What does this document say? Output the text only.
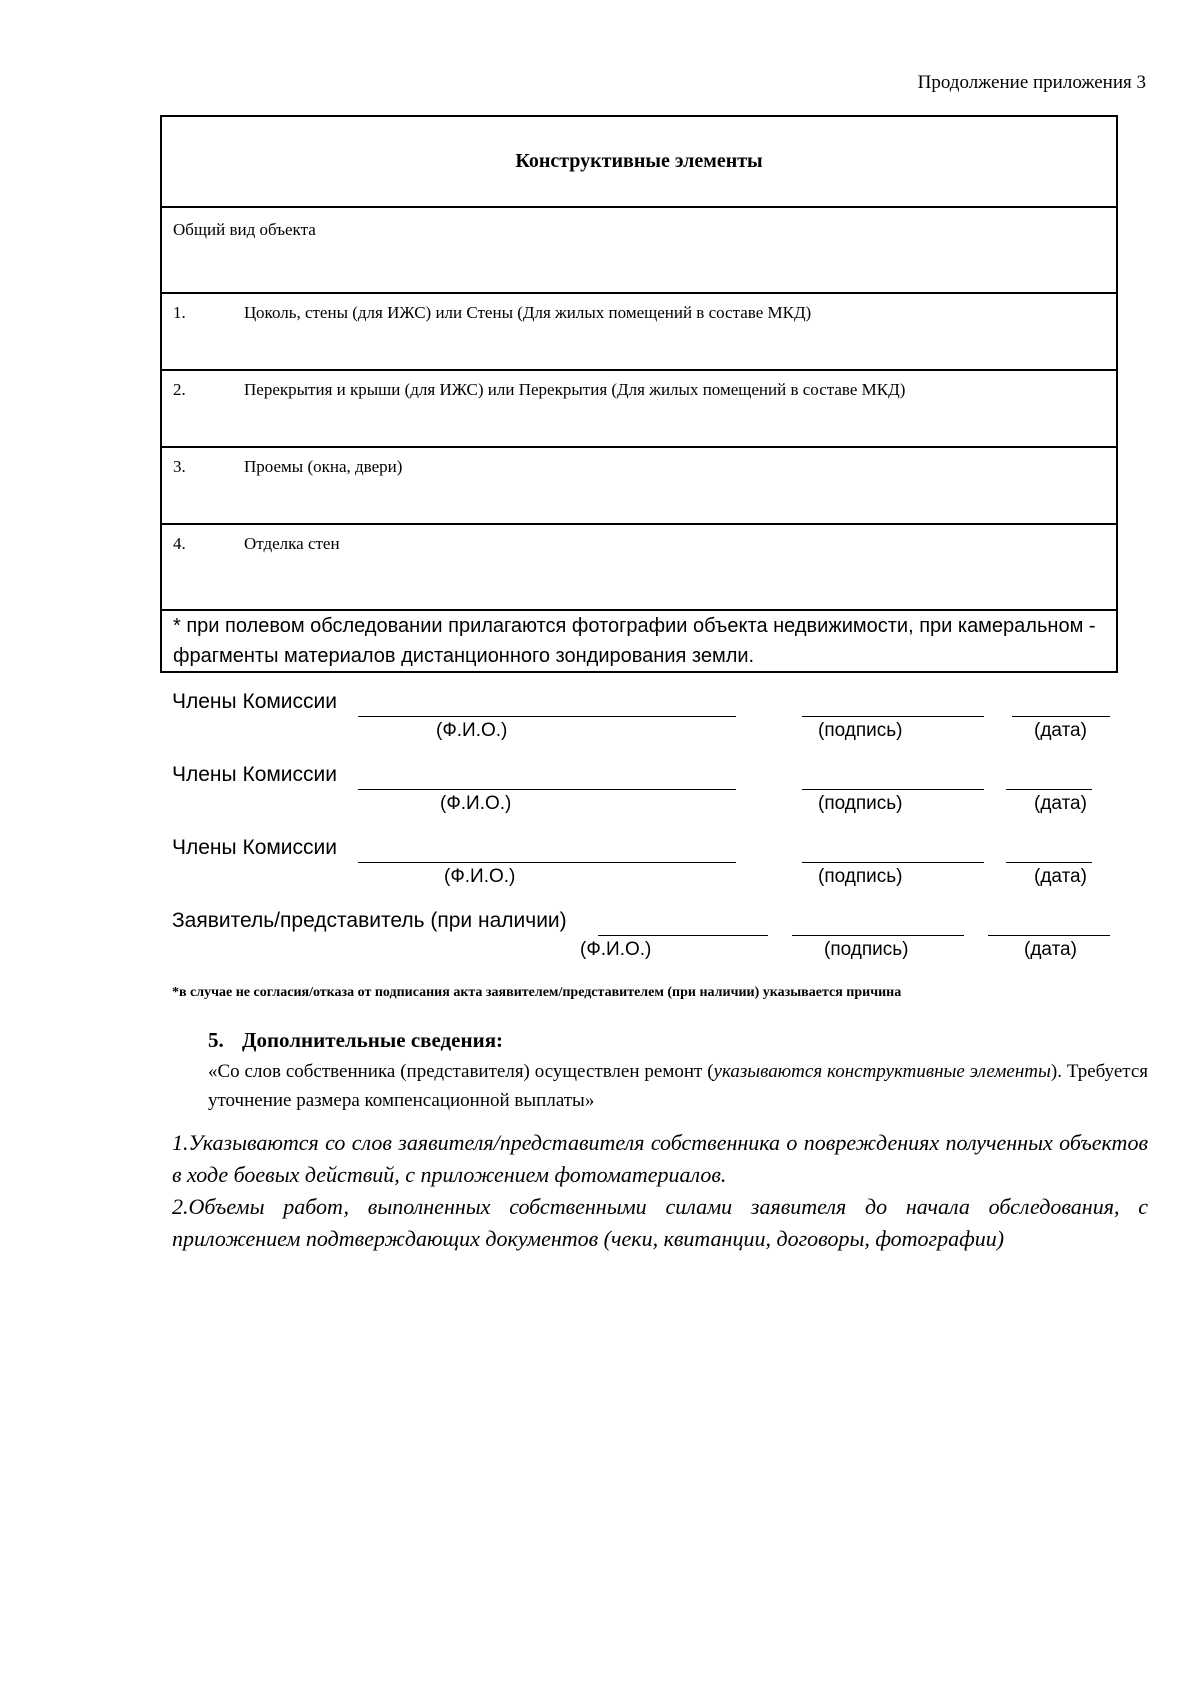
Продолжение приложения 3
Конструктивные элементы
Общий вид объекта
1.	Цоколь, стены (для ИЖС) или Стены (Для жилых помещений в составе МКД)
2.	Перекрытия и крыши (для ИЖС) или Перекрытия (Для жилых помещений в составе МКД)
3.	Проемы (окна, двери)
4.	Отделка стен
* при полевом обследовании прилагаются фотографии объекта недвижимости, при камеральном - фрагменты материалов дистанционного зондирования земли.
Члены Комиссии
(Ф.И.О.)	(подпись)	(дата)
Члены Комиссии
(Ф.И.О.)	(подпись)	(дата)
Члены Комиссии
(Ф.И.О.)	(подпись)	(дата)
Заявитель/представитель (при наличии)
(Ф.И.О.)	(подпись)	(дата)
*в случае не согласия/отказа от подписания акта заявителем/представителем (при наличии) указывается причина
5. Дополнительные сведения:
«Со слов собственника (представителя) осуществлен ремонт (указываются конструктивные элементы). Требуется уточнение размера компенсационной выплаты»
1.Указываются со слов заявителя/представителя собственника о повреждениях полученных объектов в ходе боевых действий, с приложением фотоматериалов.
2.Объемы работ, выполненных собственными силами заявителя до начала обследования, с приложением подтверждающих документов (чеки, квитанции, договоры, фотографии)
